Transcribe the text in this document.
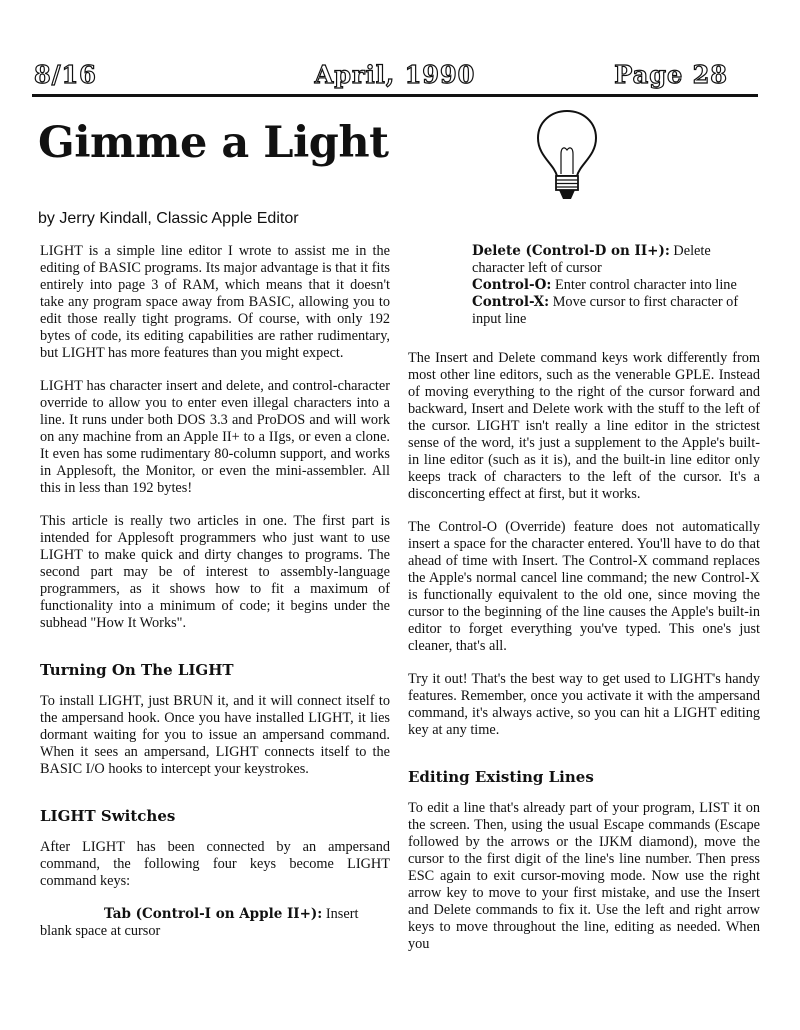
8/16	April, 1990	Page 28
Gimme a Light
by Jerry Kindall, Classic Apple Editor

LIGHT is a simple line editor I wrote to assist me in the editing of BASIC programs. Its major advantage is that it fits entirely into page 3 of RAM, which means that it doesn't take any program space away from BASIC, allowing you to edit those really tight programs. Of course, with only 192 bytes of code, its editing capabilities are rather rudimentary, but LIGHT has more features than you might expect.

LIGHT has character insert and delete, and control-character override to allow you to enter even illegal characters into a line. It runs under both DOS 3.3 and ProDOS and will work on any machine from an Apple II+ to a IIgs, or even a clone. It even has some rudimentary 80-column support, and works in Applesoft, the Monitor, or even the mini-assembler. All this in less than 192 bytes!

This article is really two articles in one. The first part is intended for Applesoft programmers who just want to use LIGHT to make quick and dirty changes to programs. The second part may be of interest to assembly-language programmers, as it shows how to fit a maximum of functionality into a minimum of code; it begins under the subhead "How It Works".

Turning On The LIGHT

To install LIGHT, just BRUN it, and it will connect itself to the ampersand hook. Once you have installed LIGHT, it lies dormant waiting for you to issue an ampersand command. When it sees an ampersand, LIGHT connects itself to the BASIC I/O hooks to intercept your keystrokes.

LIGHT Switches

After LIGHT has been connected by an ampersand command, the following four keys become LIGHT command keys:

Tab (Control-I on Apple II+): Insert blank space at cursor

Delete (Control-D on II+): Delete character left of cursor
Control-O: Enter control character into line
Control-X: Move cursor to first character of input line

The Insert and Delete command keys work differently from most other line editors, such as the venerable GPLE. Instead of moving everything to the right of the cursor forward and backward, Insert and Delete work with the stuff to the left of the cursor. LIGHT isn't really a line editor in the strictest sense of the word, it's just a supplement to the Apple's built-in line editor (such as it is), and the built-in line editor only keeps track of characters to the left of the cursor. It's a disconcerting effect at first, but it works.

The Control-O (Override) feature does not automatically insert a space for the character entered. You'll have to do that ahead of time with Insert. The Control-X command replaces the Apple's normal cancel line command; the new Control-X is functionally equivalent to the old one, since moving the cursor to the beginning of the line causes the Apple's built-in editor to forget everything you've typed. This one's just cleaner, that's all.

Try it out! That's the best way to get used to LIGHT's handy features. Remember, once you activate it with the ampersand command, it's always active, so you can hit a LIGHT editing key at any time.

Editing Existing Lines

To edit a line that's already part of your program, LIST it on the screen. Then, using the usual Escape commands (Escape followed by the arrows or the IJKM diamond), move the cursor to the first digit of the line's line number. Then press ESC again to exit cursor-moving mode. Now use the right arrow key to move to your first mistake, and use the Insert and Delete commands to fix it. Use the left and right arrow keys to move throughout the line, editing as needed. When you
